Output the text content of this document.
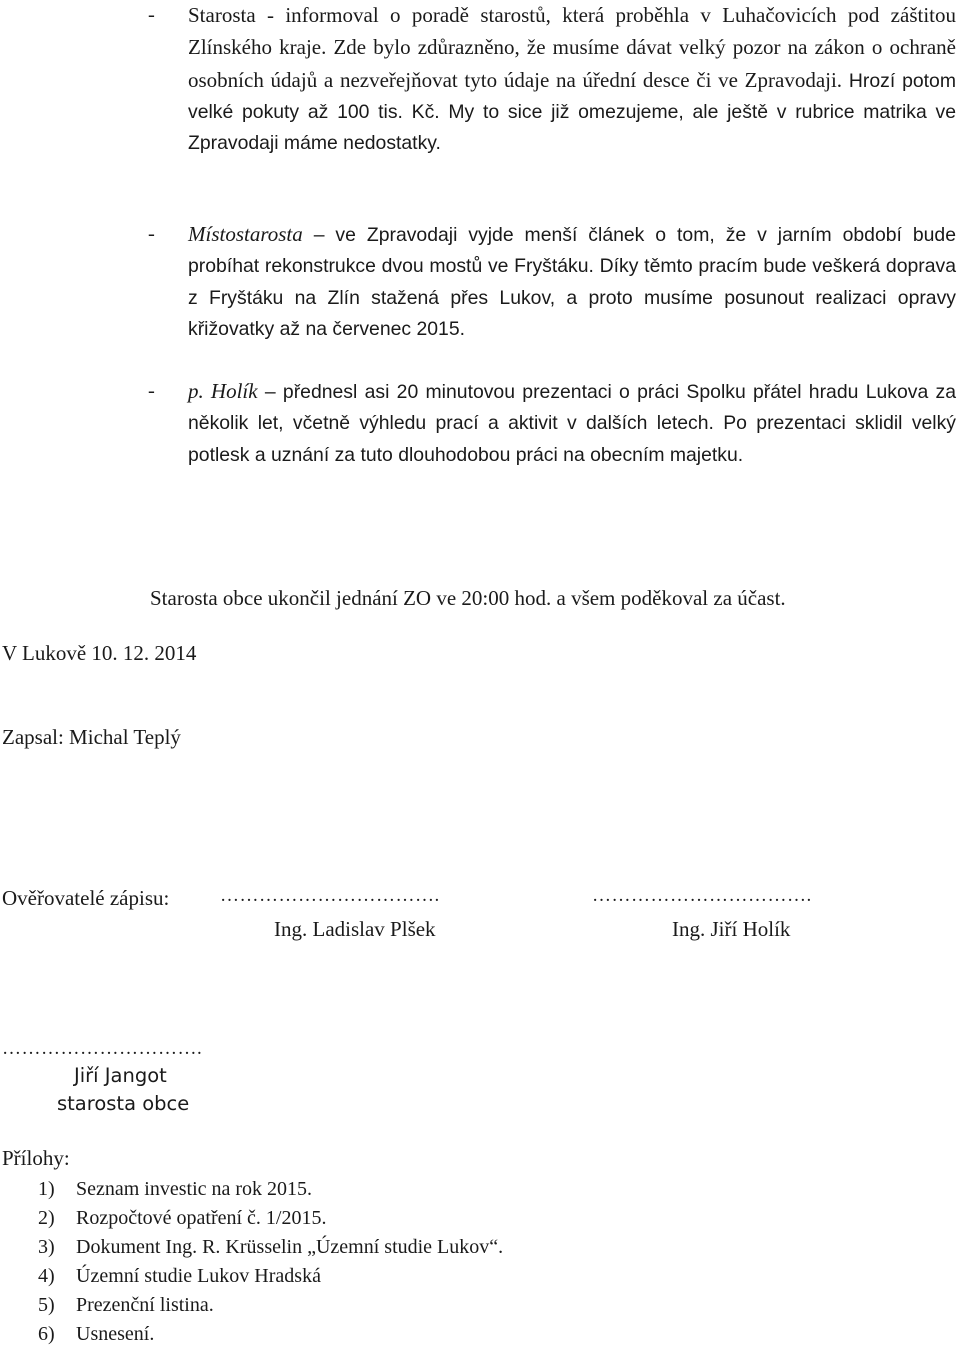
- Starosta - informoval o poradě starostů, která proběhla v Luhačovicích pod záštitou Zlínského kraje. Zde bylo zdůrazněno, že musíme dávat velký pozor na zákon o ochraně osobních údajů a nezveřejňovat tyto údaje na úřední desce či ve Zpravodaji. Hrozí potom velké pokuty až 100 tis. Kč. My to sice již omezujeme, ale ještě v rubrice matrika ve Zpravodaji máme nedostatky.
- Místostarosta – ve Zpravodaji vyjde menší článek o tom, že v jarním období bude probíhat rekonstrukce dvou mostů ve Fryštáku. Díky těmto pracím bude veškerá doprava z Fryštáku na Zlín stažená přes Lukov, a proto musíme posunout realizaci opravy křižovatky až na červenec 2015.
- p. Holík – přednesl asi 20 minutovou prezentaci o práci Spolku přátel hradu Lukova za několik let, včetně výhledu prací a aktivit v dalších letech. Po prezentaci sklidil velký potlesk a uznání za tuto dlouhodobou práci na obecním majetku.
Starosta obce ukončil jednání ZO ve 20:00 hod. a všem poděkoval za účast.
V Lukově 10. 12. 2014
Zapsal: Michal Teplý
Ověřovatelé zápisu:	…………………………….	…………………………….
Ing. Ladislav Plšek	Ing. Jiří Holík
………………………….
Jiří Jangot
starosta obce
Přílohy:
1) Seznam investic na rok 2015.
2) Rozpočtové opatření č. 1/2015.
3) Dokument Ing. R. Krüsselin „Územní studie Lukov“.
4) Územní studie Lukov Hradská
5) Prezenční listina.
6) Usnesení.
